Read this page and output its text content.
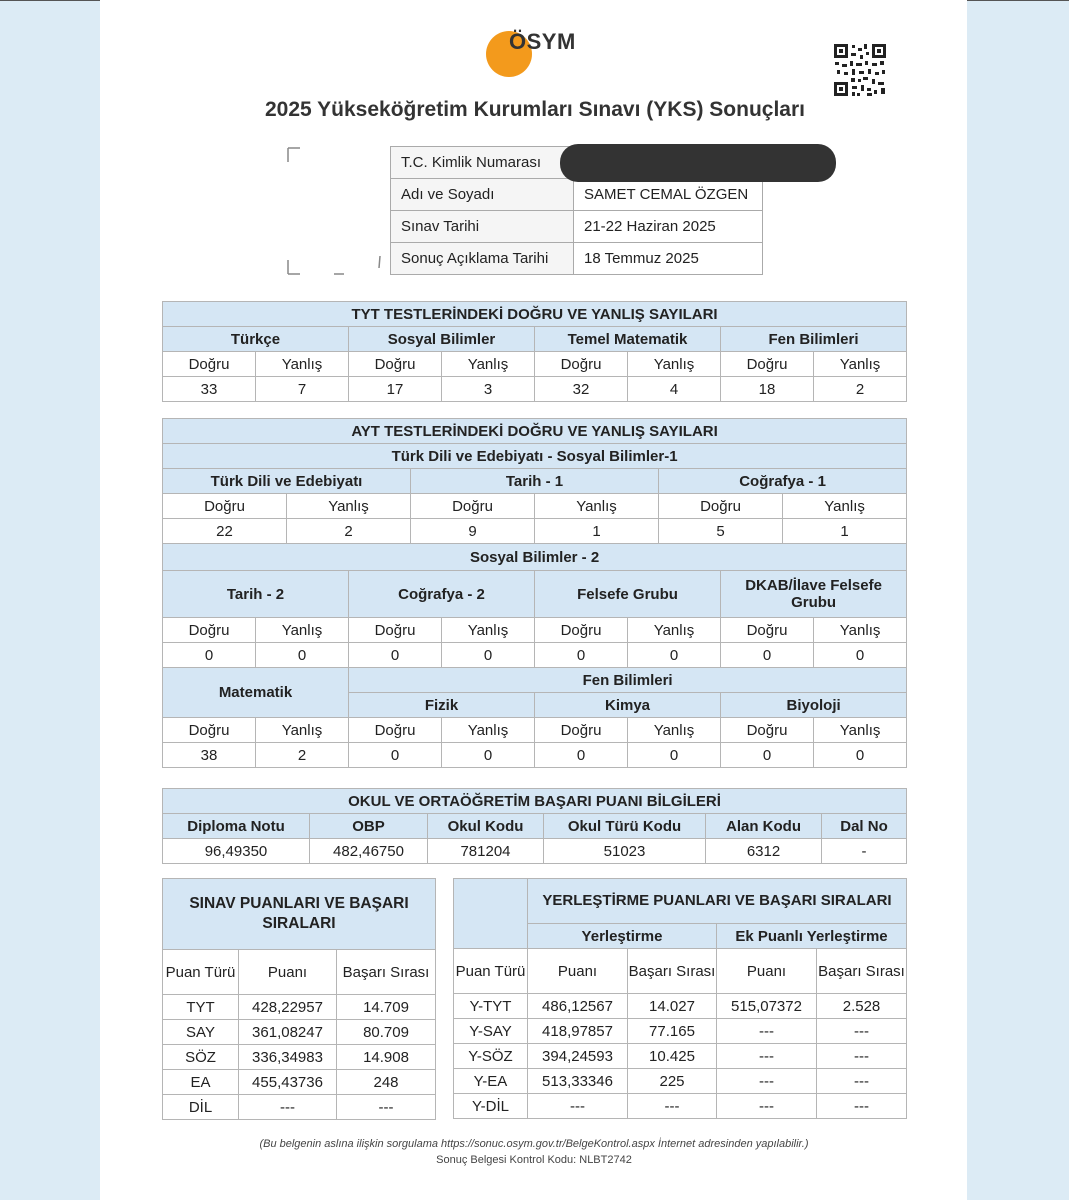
ÖSYM
2025 Yükseköğretim Kurumları Sınavı (YKS) Sonuçları
T.C. Kimlik Numarası	
Adı ve Soyadı	SAMET CEMAL ÖZGEN
Sınav Tarihi	21-22 Haziran 2025
Sonuç Açıklama Tarihi	18 Temmuz 2025
TYT TESTLERİNDEKİ DOĞRU VE YANLIŞ SAYILARI							
Türkçe		Sosyal Bilimler		Temel Matematik		Fen Bilimleri	
Doğru	Yanlış	Doğru	Yanlış	Doğru	Yanlış	Doğru	Yanlış
33	7	17	3	32	4	18	2
AYT TESTLERİNDEKİ DOĞRU VE YANLIŞ SAYILARI											
Türk Dili ve Edebiyatı - Sosyal Bilimler-1											
Türk Dili ve Edebiyatı				Tarih - 1				Coğrafya - 1			
Doğru		Yanlış		Doğru		Yanlış		Doğru		Yanlış	
22		2		9		1		5		1	
Sosyal Bilimler - 2											
Tarih - 2			Coğrafya - 2			Felsefe Grubu			DKAB/İlave Felsefe Grubu		
Doğru	Yanlış		Doğru		Yanlış	Doğru	Yanlış		Doğru		Yanlış
0	0		0		0	0	0		0		0
Matematik			Fen Bilimleri								
			Fizik			Kimya			Biyoloji		
Doğru	Yanlış		Doğru		Yanlış	Doğru	Yanlış		Doğru		Yanlış
38	2		0		0	0	0		0		0
OKUL VE ORTAÖĞRETİM BAŞARI PUANI BİLGİLERİ					
Diploma Notu	OBP	Okul Kodu	Okul Türü Kodu	Alan Kodu	Dal No
96,49350	482,46750	781204	51023	6312	-
SINAV PUANLARI VE BAŞARI SIRALARI		
Puan Türü	Puanı	Başarı Sırası
TYT	428,22957	14.709
SAY	361,08247	80.709
SÖZ	336,34983	14.908
EA	455,43736	248
DİL	---	---
	YERLEŞTİRME PUANLARI VE BAŞARI SIRALARI			
	Yerleştirme		Ek Puanlı Yerleştirme	
Puan Türü	Puanı	Başarı Sırası	Puanı	Başarı Sırası
Y-TYT	486,12567	14.027	515,07372	2.528
Y-SAY	418,97857	77.165	---	---
Y-SÖZ	394,24593	10.425	---	---
Y-EA	513,33346	225	---	---
Y-DİL	---	---	---	---
(Bu belgenin aslına ilişkin sorgulama https://sonuc.osym.gov.tr/BelgeKontrol.aspx İnternet adresinden yapılabilir.)
Sonuç Belgesi Kontrol Kodu: NLBT2742
